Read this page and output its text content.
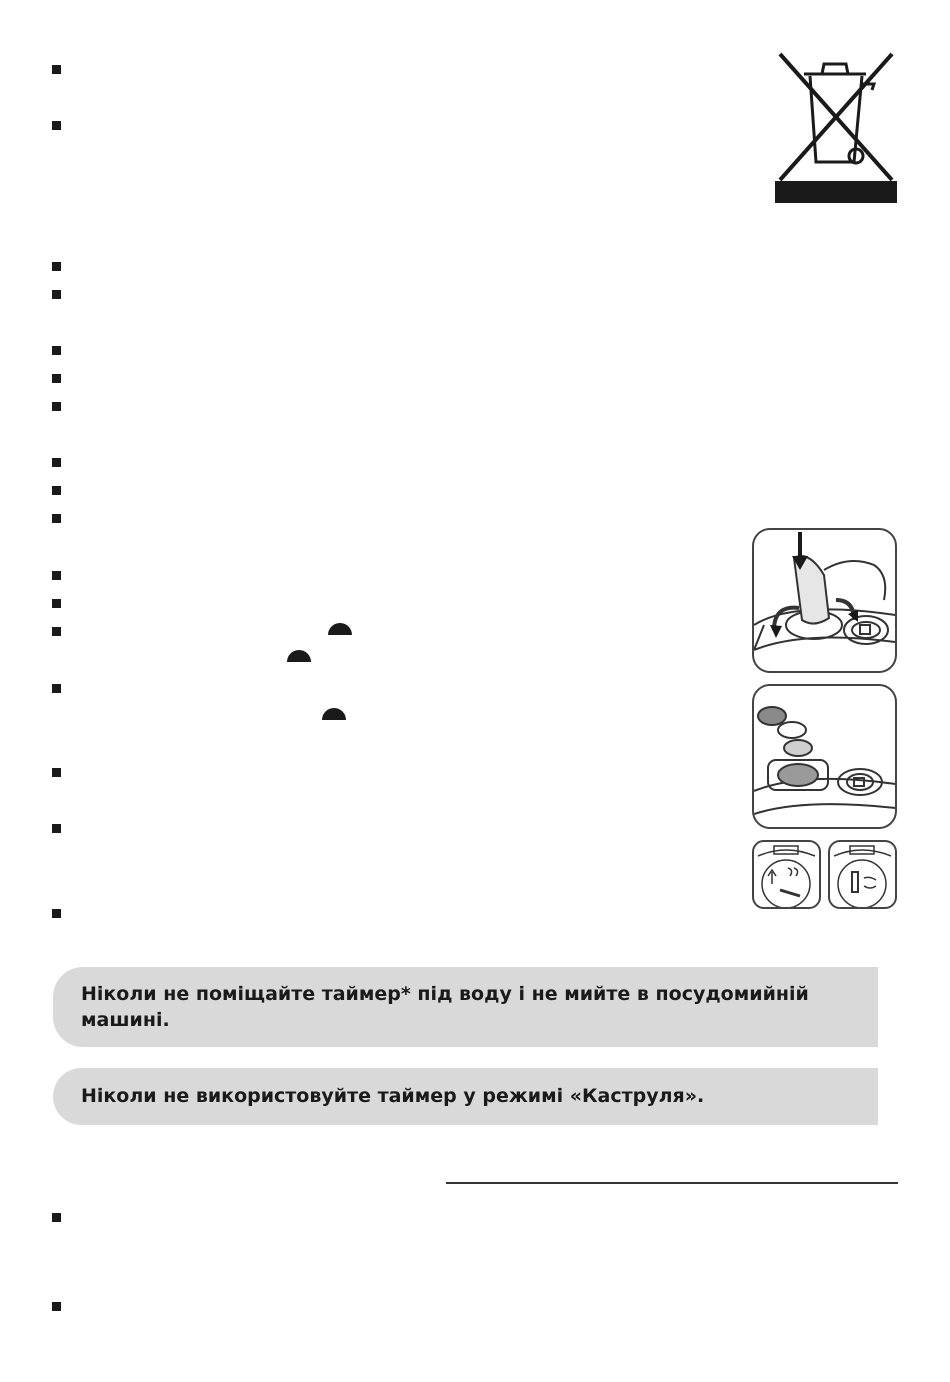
Ніколи не поміщайте таймер* під воду і не мийте в посудомийній машині.
Ніколи не використовуйте таймер у режимі «Каструля».
